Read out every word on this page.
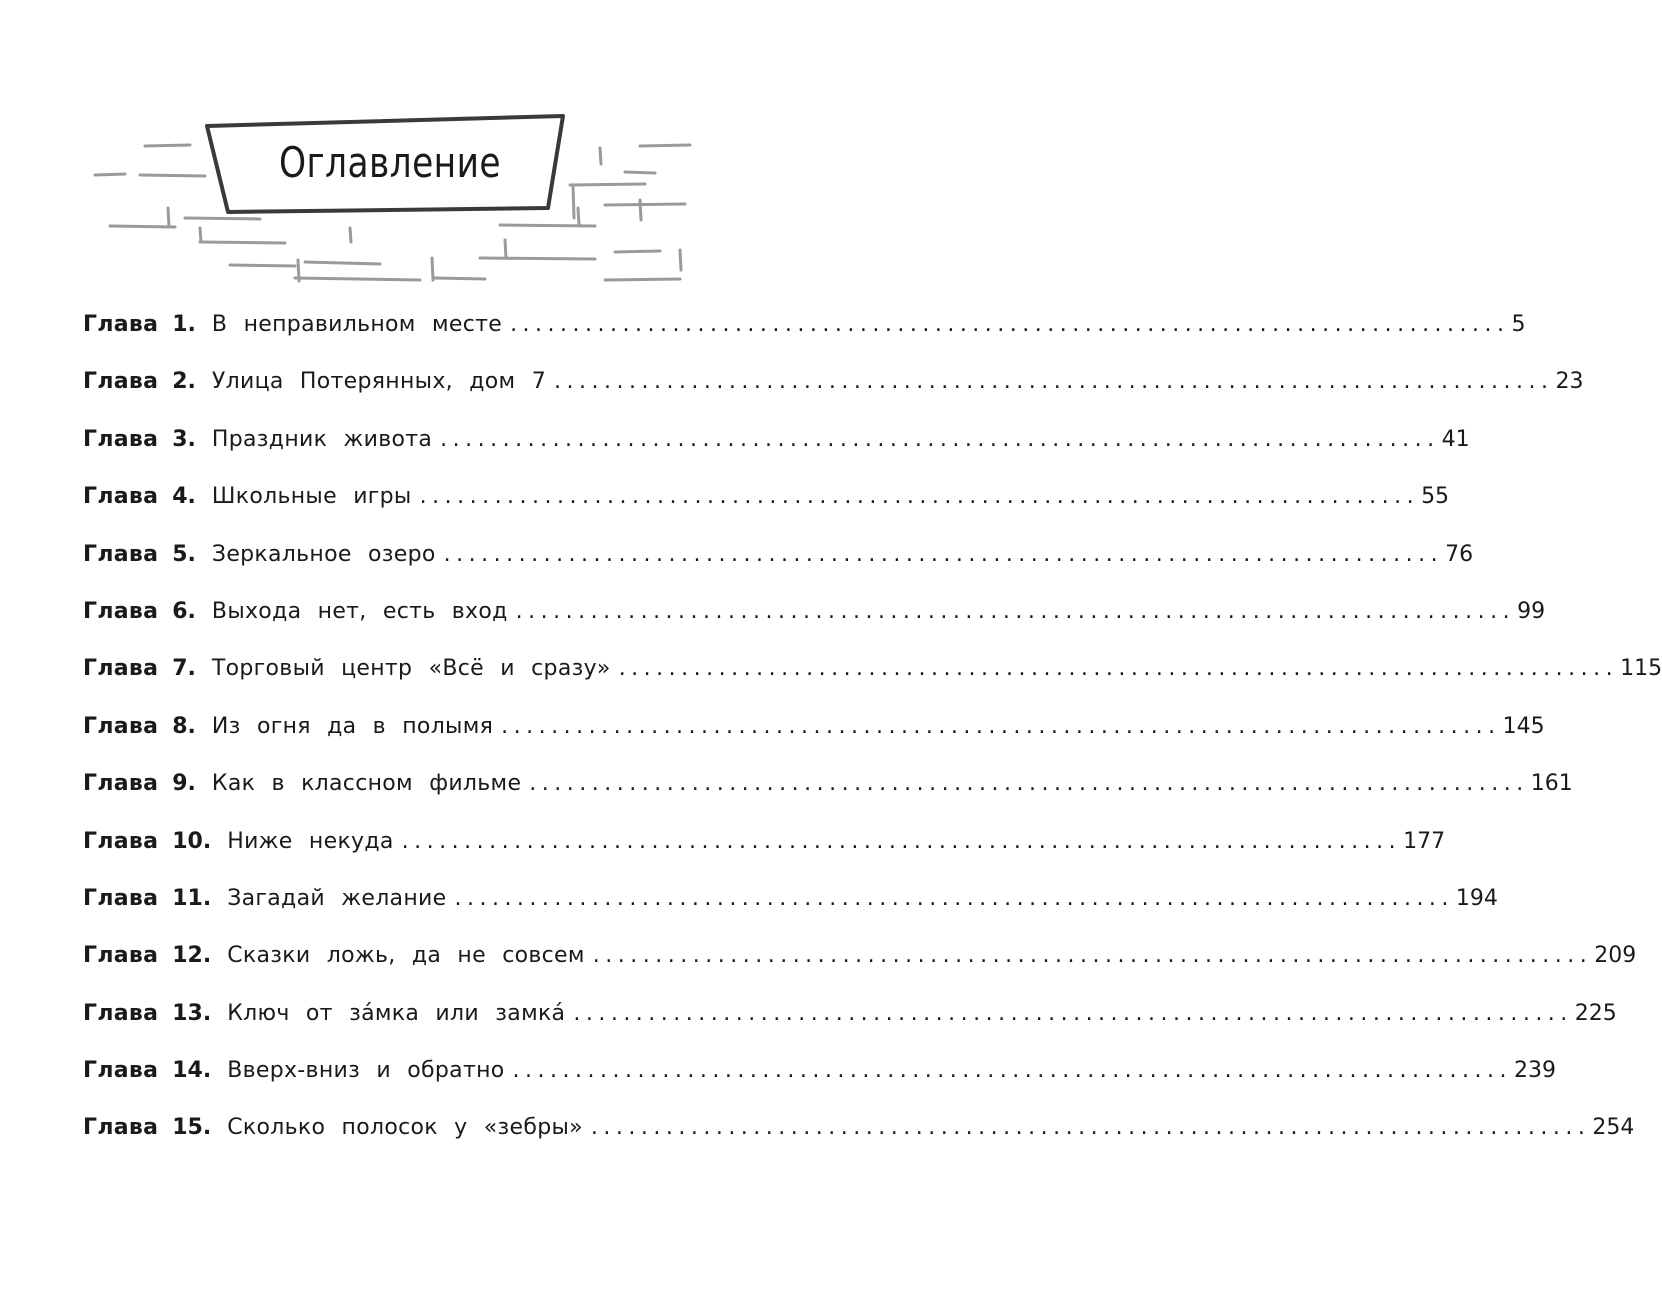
Оглавление
Глава 1. В неправильном месте ................................................................................ 5
Глава 2. Улица Потерянных, дом 7 ................................................................................ 23
Глава 3. Праздник живота ................................................................................ 41
Глава 4. Школьные игры ................................................................................ 55
Глава 5. Зеркальное озеро ................................................................................ 76
Глава 6. Выхода нет, есть вход ................................................................................ 99
Глава 7. Торговый центр «Всё и сразу» ................................................................................ 115
Глава 8. Из огня да в полымя ................................................................................ 145
Глава 9. Как в классном фильме ................................................................................ 161
Глава 10. Ниже некуда ................................................................................ 177
Глава 11. Загадай желание ................................................................................ 194
Глава 12. Сказки ложь, да не совсем ................................................................................ 209
Глава 13. Ключ от за́мка или замка́ ................................................................................ 225
Глава 14. Вверх-вниз и обратно ................................................................................ 239
Глава 15. Сколько полосок у «зебры» ................................................................................ 254
